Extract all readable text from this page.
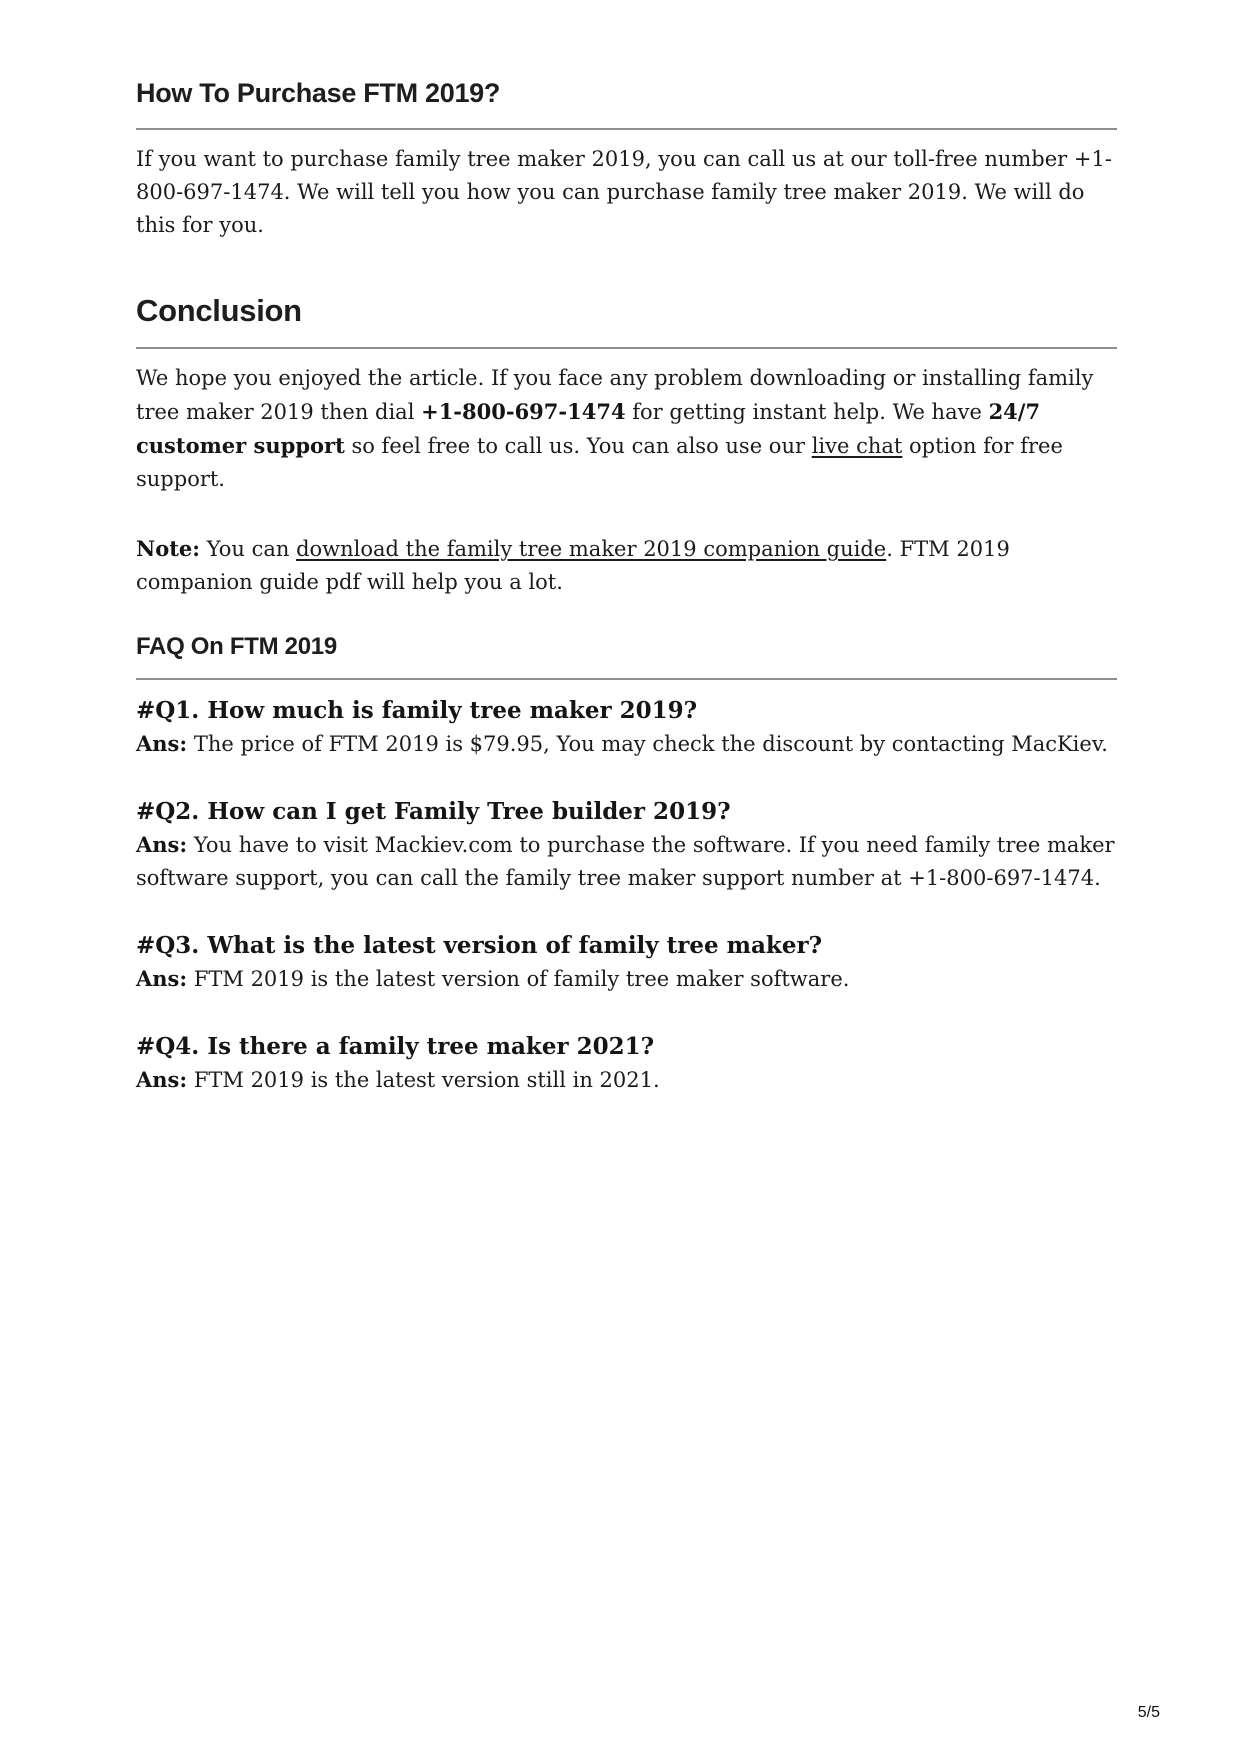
How To Purchase FTM 2019?

If you want to purchase family tree maker 2019, you can call us at our toll-free number +1-800-697-1474. We will tell you how you can purchase family tree maker 2019. We will do this for you.

Conclusion

We hope you enjoyed the article. If you face any problem downloading or installing family tree maker 2019 then dial +1-800-697-1474 for getting instant help. We have 24/7 customer support so feel free to call us. You can also use our live chat option for free support.

Note: You can download the family tree maker 2019 companion guide. FTM 2019 companion guide pdf will help you a lot.

FAQ On FTM 2019
#Q1. How much is family tree maker 2019?
Ans: The price of FTM 2019 is $79.95, You may check the discount by contacting MacKiev.
#Q2. How can I get Family Tree builder 2019?
Ans: You have to visit Mackiev.com to purchase the software. If you need family tree maker software support, you can call the family tree maker support number at +1-800-697-1474.
#Q3. What is the latest version of family tree maker?
Ans: FTM 2019 is the latest version of family tree maker software.
#Q4. Is there a family tree maker 2021?
Ans: FTM 2019 is the latest version still in 2021.
5/5
